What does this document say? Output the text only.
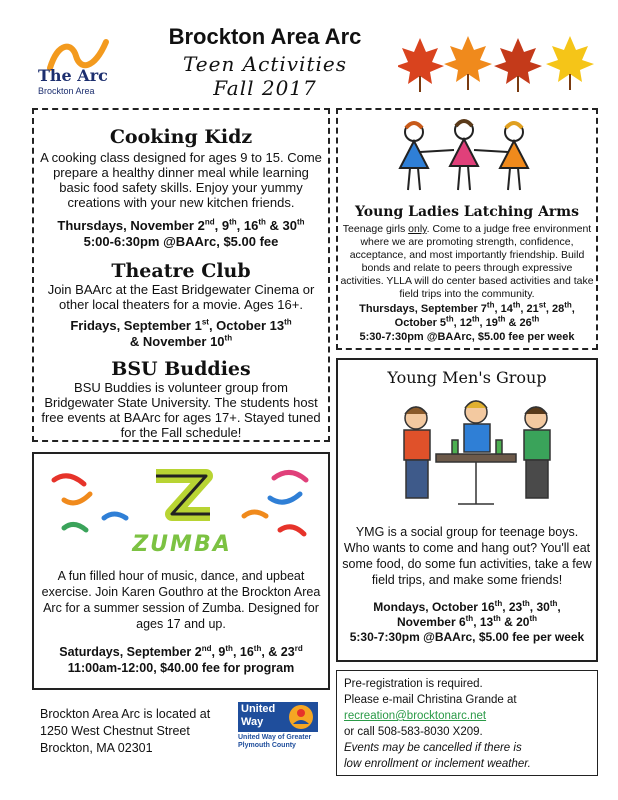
The Arc
Brockton Area
Brockton Area Arc
Teen Activities
Fall 2017
Cooking Kidz
A cooking class designed for ages 9 to 15. Come prepare a healthy dinner meal while learning basic food safety skills. Enjoy your yummy creations with your new kitchen friends.
Thursdays, November 2nd, 9th, 16th & 30th
5:00-6:30pm @BAArc, $5.00 fee
Theatre Club
Join BAArc at the East Bridgewater Cinema or other local theaters for a movie. Ages 16+.
Fridays, September 1st, October 13th
& November 10th
BSU Buddies
BSU Buddies is volunteer group from Bridgewater State University. The students host free events at BAArc for ages 17+. Stayed tuned for the Fall schedule!
Young Ladies Latching Arms
Teenage girls only. Come to a judge free environment where we are promoting strength, confidence, acceptance, and most importantly friendship. Build bonds and relate to peers through expressive activities. YLLA will do center based activities and take field trips into the community.
Thursdays, September 7th, 14th, 21st, 28th,
October 5th, 12th, 19th & 26th
5:30-7:30pm @BAArc, $5.00 fee per week
Young Men's Group
YMG is a social group for teenage boys. Who wants to come and hang out? You'll eat some food, do some fun activities, take a few field trips, and make some friends!
Mondays, October 16th, 23th, 30th,
November 6th, 13th & 20th
5:30-7:30pm @BAArc, $5.00 fee per week
ZUMBA
A fun filled hour of music, dance, and upbeat exercise. Join Karen Gouthro at the Brockton Area Arc for a summer session of Zumba. Designed for ages 17 and up.
Saturdays, September 2nd, 9th, 16th, & 23rd
11:00am-12:00, $40.00 fee for program
Brockton Area Arc is located at
1250 West Chestnut Street
Brockton, MA 02301
United
Way
United Way of Greater Plymouth County
Pre-registration is required.
Please e-mail Christina Grande at
recreation@brocktonarc.net
or call 508-583-8030 X209.
Events may be cancelled if there is
low enrollment or inclement weather.
